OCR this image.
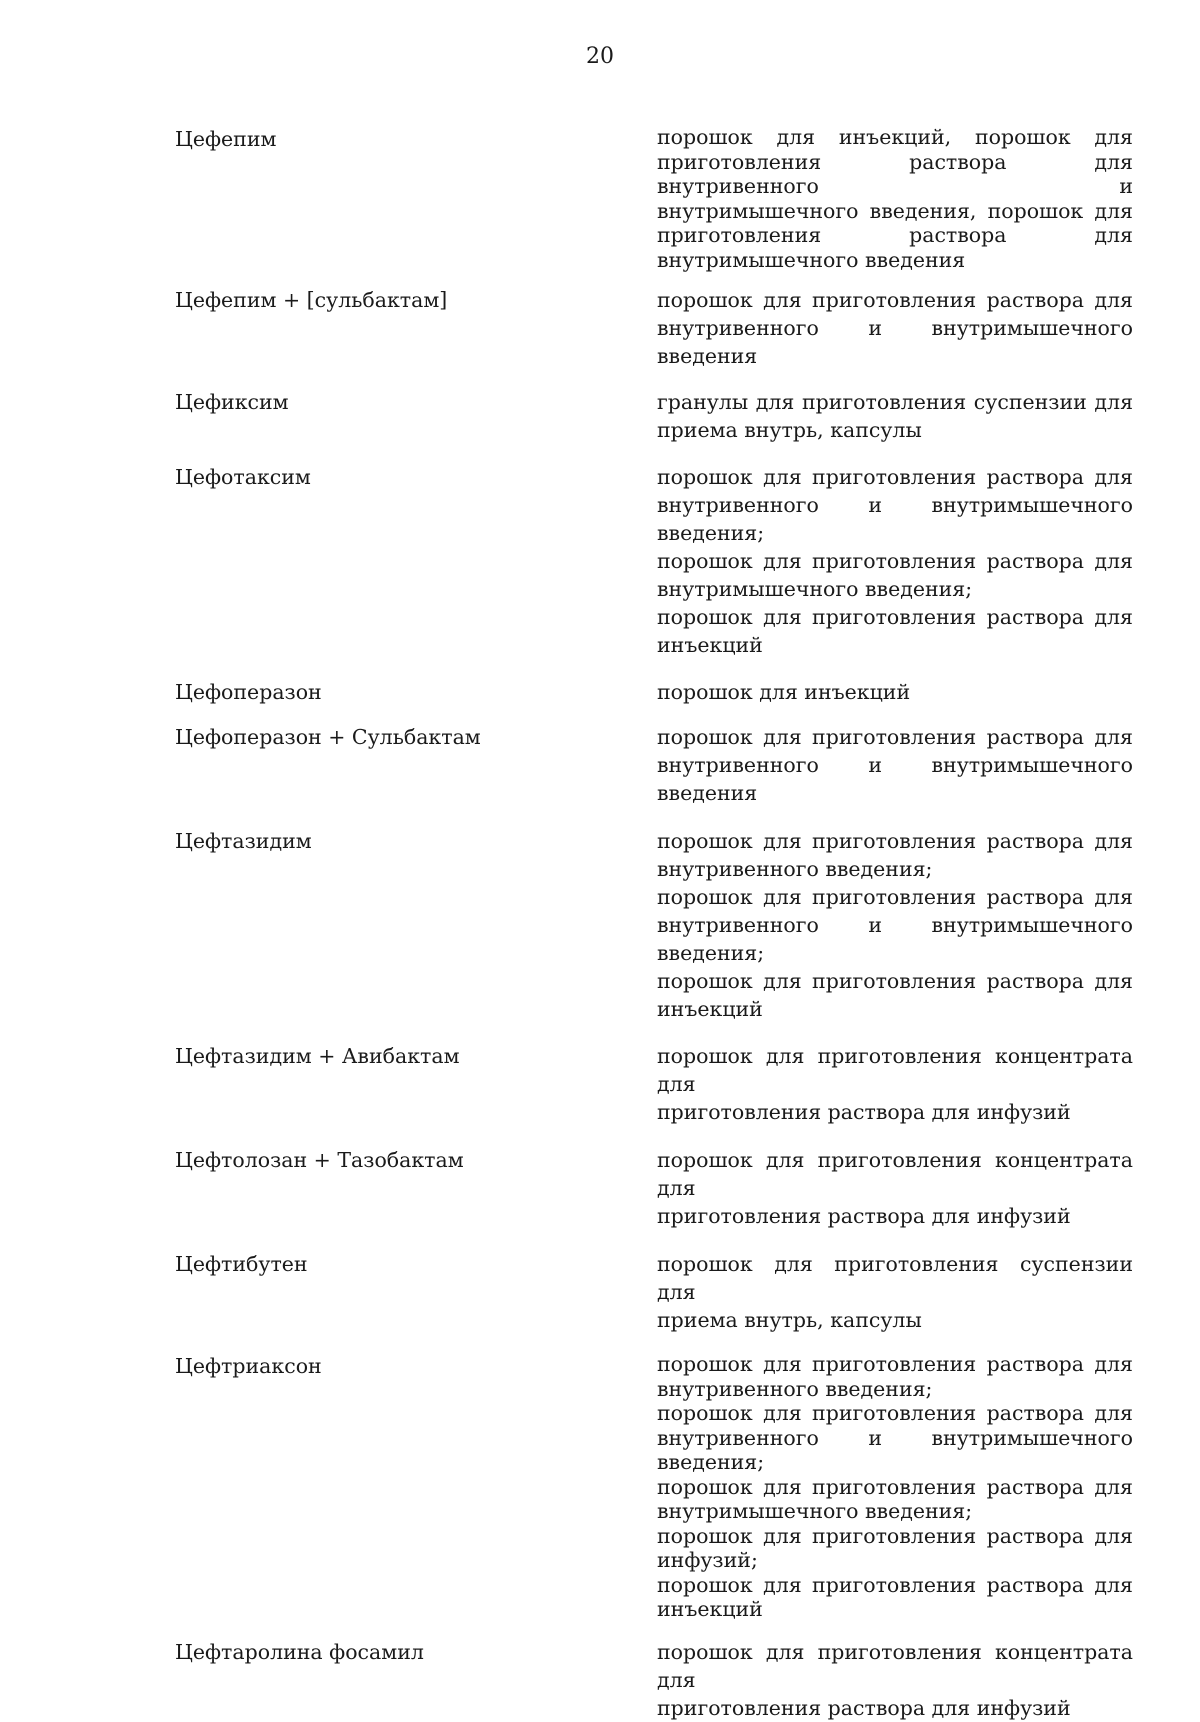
20
Цефепим	порошок для инъекций, порошок для
приготовления раствора для внутривенного и
внутримышечного введения, порошок для
приготовления раствора для
внутримышечного введения
Цефепим + [сульбактам]	порошок для приготовления раствора для
внутривенного и внутримышечного введения
Цефиксим	гранулы для приготовления суспензии для
приема внутрь, капсулы
Цефотаксим	порошок для приготовления раствора для
внутривенного и внутримышечного
введения;
порошок для приготовления раствора для
внутримышечного введения;
порошок для приготовления раствора для
инъекций
Цефоперазон	порошок для инъекций
Цефоперазон + Сульбактам	порошок для приготовления раствора для
внутривенного и внутримышечного введения
Цефтазидим	порошок для приготовления раствора для
внутривенного введения;
порошок для приготовления раствора для
внутривенного и внутримышечного
введения;
порошок для приготовления раствора для
инъекций
Цефтазидим + Авибактам	порошок для приготовления концентрата для
приготовления раствора для инфузий
Цефтолозан + Тазобактам	порошок для приготовления концентрата для
приготовления раствора для инфузий
Цефтибутен	порошок для приготовления суспензии для
приема внутрь, капсулы
Цефтриаксон	порошок для приготовления раствора для
внутривенного введения;
порошок для приготовления раствора для
внутривенного и внутримышечного
введения;
порошок для приготовления раствора для
внутримышечного введения;
порошок для приготовления раствора для
инфузий;
порошок для приготовления раствора для
инъекций
Цефтаролина фосамил	порошок для приготовления концентрата для
приготовления раствора для инфузий
